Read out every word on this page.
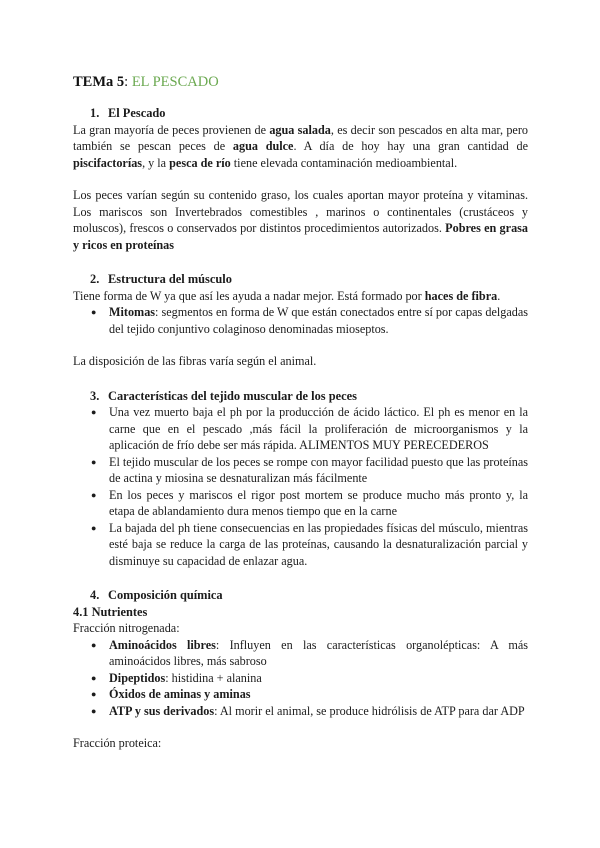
TEMa 5: EL PESCADO
1. El Pescado

La gran mayoría de peces provienen de agua salada, es decir son pescados en alta mar, pero también se pescan peces de agua dulce. A día de hoy hay una gran cantidad de piscifactorías, y la pesca de río tiene elevada contaminación medioambiental.

Los peces varían según su contenido graso, los cuales aportan mayor proteína y vitaminas. Los mariscos son Invertebrados comestibles , marinos o continentales (crustáceos y moluscos), frescos o conservados por distintos procedimientos autorizados. Pobres en grasa y ricos en proteínas

2. Estructura del músculo

Tiene forma de W ya que así les ayuda a nadar mejor. Está formado por haces de fibra.

● Mitomas: segmentos en forma de W que están conectados entre sí por capas delgadas del tejido conjuntivo colaginoso denominadas mioseptos.

La disposición de las fibras varía según el animal.

3. Características del tejido muscular de los peces
● Una vez muerto baja el ph por la producción de ácido láctico. El ph es menor en la carne que en el pescado ,más fácil la proliferación de microorganismos y la aplicación de frío debe ser más rápida. ALIMENTOS MUY PERECEDEROS
● El tejido muscular de los peces se rompe con mayor facilidad puesto que las proteínas de actina y miosina se desnaturalizan más fácilmente
● En los peces y mariscos el rigor post mortem se produce mucho más pronto y, la etapa de ablandamiento dura menos tiempo que en la carne
● La bajada del ph tiene consecuencias en las propiedades físicas del músculo, mientras esté baja se reduce la carga de las proteínas, causando la desnaturalización parcial y disminuye su capacidad de enlazar agua.
4. Composición química
4.1 Nutrientes

Fracción nitrogenada:

● Aminoácidos libres: Influyen en las características organolépticas: A más aminoácidos libres, más sabroso
● Dipeptidos: histidina + alanina
● Óxidos de aminas y aminas
● ATP y sus derivados: Al morir el animal, se produce hidrólisis de ATP para dar ADP

Fracción proteica:
